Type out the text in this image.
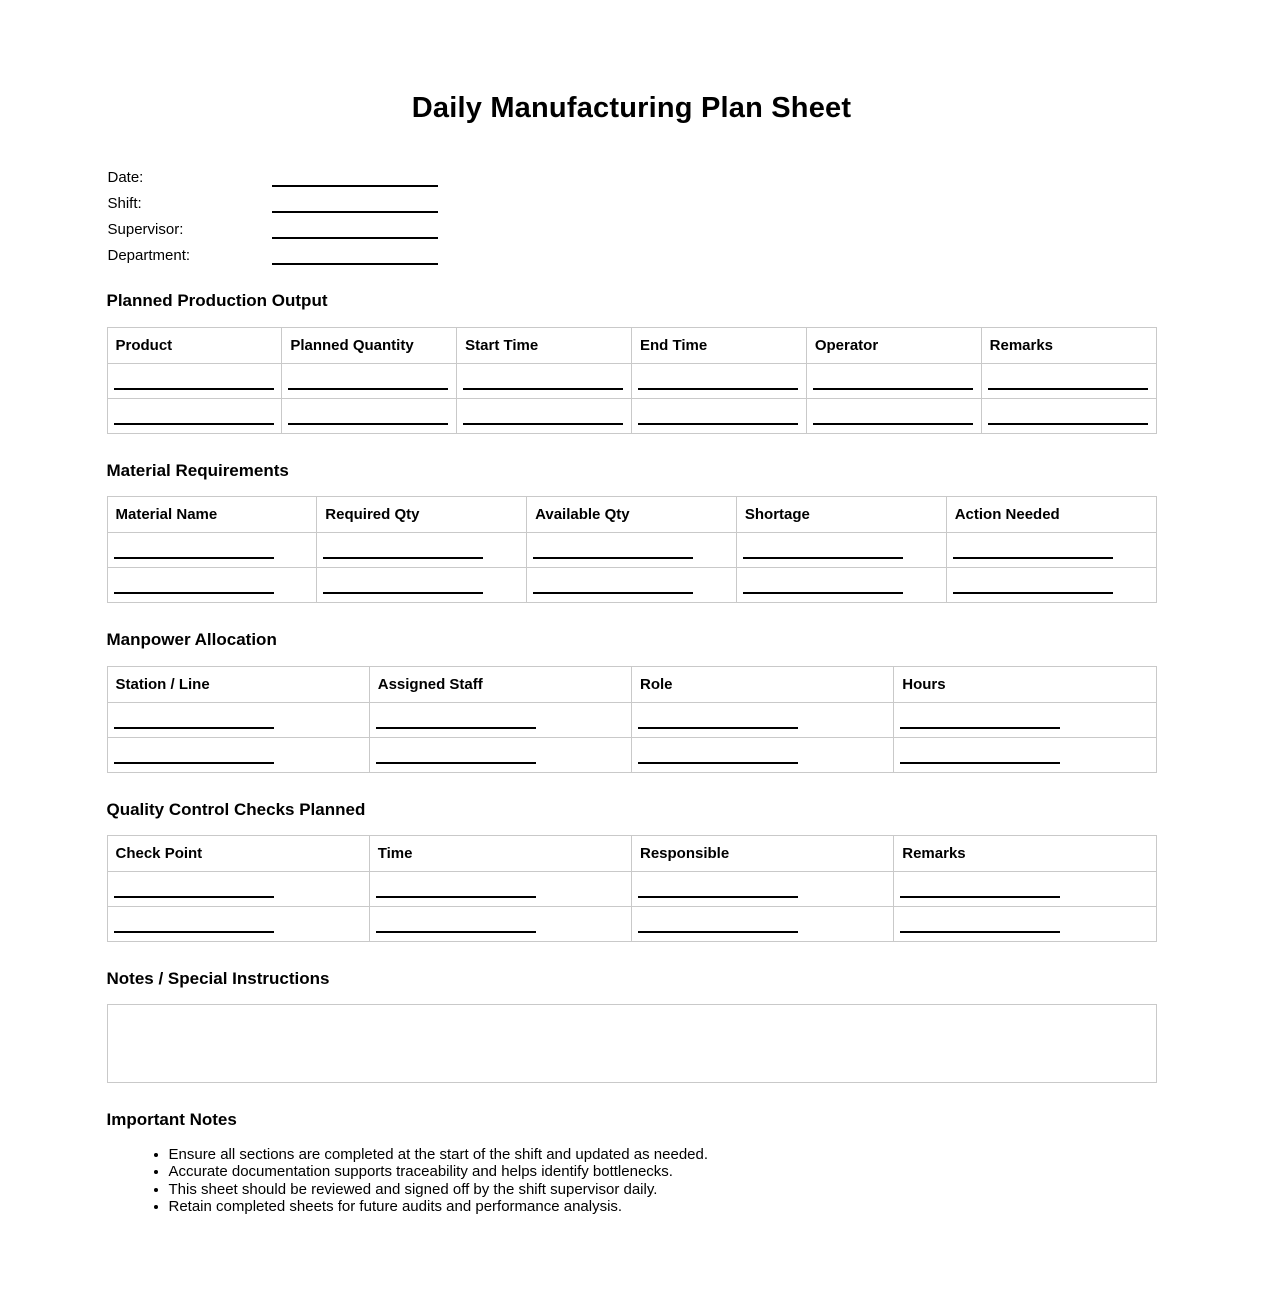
Daily Manufacturing Plan Sheet
Date:
Shift:
Supervisor:
Department:
Planned Production Output
Product	Planned Quantity	Start Time	End Time	Operator	Remarks

Material Requirements
Material Name	Required Qty	Available Qty	Shortage	Action Needed

Manpower Allocation
Station / Line	Assigned Staff	Role	Hours

Quality Control Checks Planned
Check Point	Time	Responsible	Remarks

Notes / Special Instructions
Important Notes
• Ensure all sections are completed at the start of the shift and updated as needed.
• Accurate documentation supports traceability and helps identify bottlenecks.
• This sheet should be reviewed and signed off by the shift supervisor daily.
• Retain completed sheets for future audits and performance analysis.
